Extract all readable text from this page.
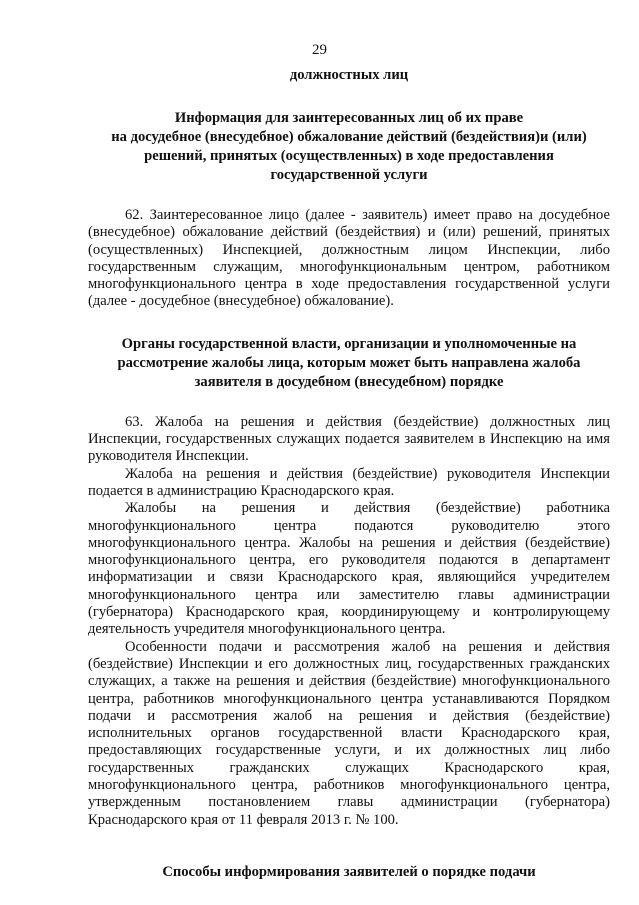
29

должностных лиц

Информация для заинтересованных лиц об их праве
на досудебное (внесудебное) обжалование действий (бездействия)и (или)
решений, принятых (осуществленных) в ходе предоставления
государственной услуги

62. Заинтересованное лицо (далее - заявитель) имеет право на досудебное (внесудебное) обжалование действий (бездействия) и (или) решений, принятых (осуществленных) Инспекцией, должностным лицом Инспекции, либо государственным служащим, многофункциональным центром, работником многофункционального центра в ходе предоставления государственной услуги (далее - досудебное (внесудебное) обжалование).

Органы государственной власти, организации и уполномоченные на
рассмотрение жалобы лица, которым может быть направлена жалоба
заявителя в досудебном (внесудебном) порядке

63. Жалоба на решения и действия (бездействие) должностных лиц Инспекции, государственных служащих подается заявителем в Инспекцию на имя руководителя Инспекции.

Жалоба на решения и действия (бездействие) руководителя Инспекции подается в администрацию Краснодарского края.

Жалобы на решения и действия (бездействие) работника многофункционального центра подаются руководителю этого многофункционального центра. Жалобы на решения и действия (бездействие) многофункционального центра, его руководителя подаются в департамент информатизации и связи Краснодарского края, являющийся учредителем многофункционального центра или заместителю главы администрации (губернатора) Краснодарского края, координирующему и контролирующему деятельность учредителя многофункционального центра.

Особенности подачи и рассмотрения жалоб на решения и действия (бездействие) Инспекции и его должностных лиц, государственных гражданских служащих, а также на решения и действия (бездействие) многофункционального центра, работников многофункционального центра устанавливаются Порядком подачи и рассмотрения жалоб на решения и действия (бездействие) исполнительных органов государственной власти Краснодарского края, предоставляющих государственные услуги, и их должностных лиц либо государственных гражданских служащих Краснодарского края, многофункционального центра, работников многофункционального центра, утвержденным постановлением главы администрации (губернатора) Краснодарского края от 11 февраля 2013 г. № 100.

Способы информирования заявителей о порядке подачи
